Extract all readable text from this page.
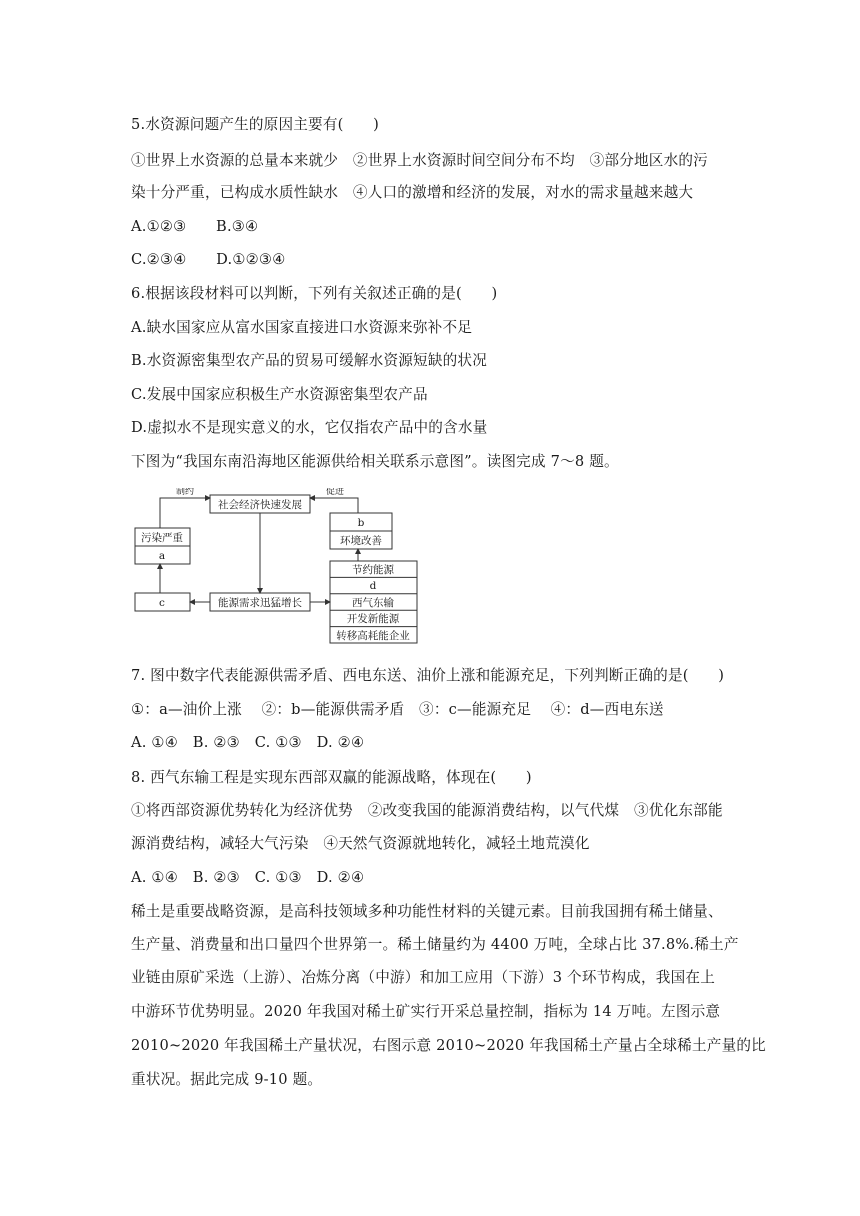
5.水资源问题产生的原因主要有(　　)
①世界上水资源的总量本来就少　②世界上水资源时间空间分布不均　③部分地区水的污
染十分严重，已构成水质性缺水　④人口的激增和经济的发展，对水的需求量越来越大
A.①②③　　B.③④
C.②③④　　D.①②③④
6.根据该段材料可以判断，下列有关叙述正确的是(　　)
A.缺水国家应从富水国家直接进口水资源来弥补不足
B.水资源密集型农产品的贸易可缓解水资源短缺的状况
C.发展中国家应积极生产水资源密集型农产品
D.虚拟水不是现实意义的水，它仅指农产品中的含水量
下图为“我国东南沿海地区能源供给相关联系示意图”。读图完成 7～8 题。
制约	促进
社会经济快速发展
污染严重
a
c	能源需求迅猛增长
b
环境改善
节约能源
d
西气东输
开发新能源
转移高耗能企业
7. 图中数字代表能源供需矛盾、西电东送、油价上涨和能源充足，下列判断正确的是(　　)
①：a—油价上涨　 ②：b—能源供需矛盾　③：c—能源充足　 ④：d—西电东送
A. ①④　B. ②③　C. ①③　D. ②④
8. 西气东输工程是实现东西部双赢的能源战略，体现在(　　)
①将西部资源优势转化为经济优势　②改变我国的能源消费结构，以气代煤　③优化东部能
源消费结构，减轻大气污染　④天然气资源就地转化，减轻土地荒漠化
A. ①④　B. ②③　C. ①③　D. ②④
稀土是重要战略资源，是高科技领域多种功能性材料的关键元素。目前我国拥有稀土储量、
生产量、消费量和出口量四个世界第一。稀土储量约为 4400 万吨，全球占比 37.8%.稀土产
业链由原矿采选（上游）、冶炼分离（中游）和加工应用（下游）3 个环节构成，我国在上
中游环节优势明显。2020 年我国对稀土矿实行开采总量控制，指标为 14 万吨。左图示意
2010~2020 年我国稀土产量状况，右图示意 2010~2020 年我国稀土产量占全球稀土产量的比
重状况。据此完成 9-10 题。
